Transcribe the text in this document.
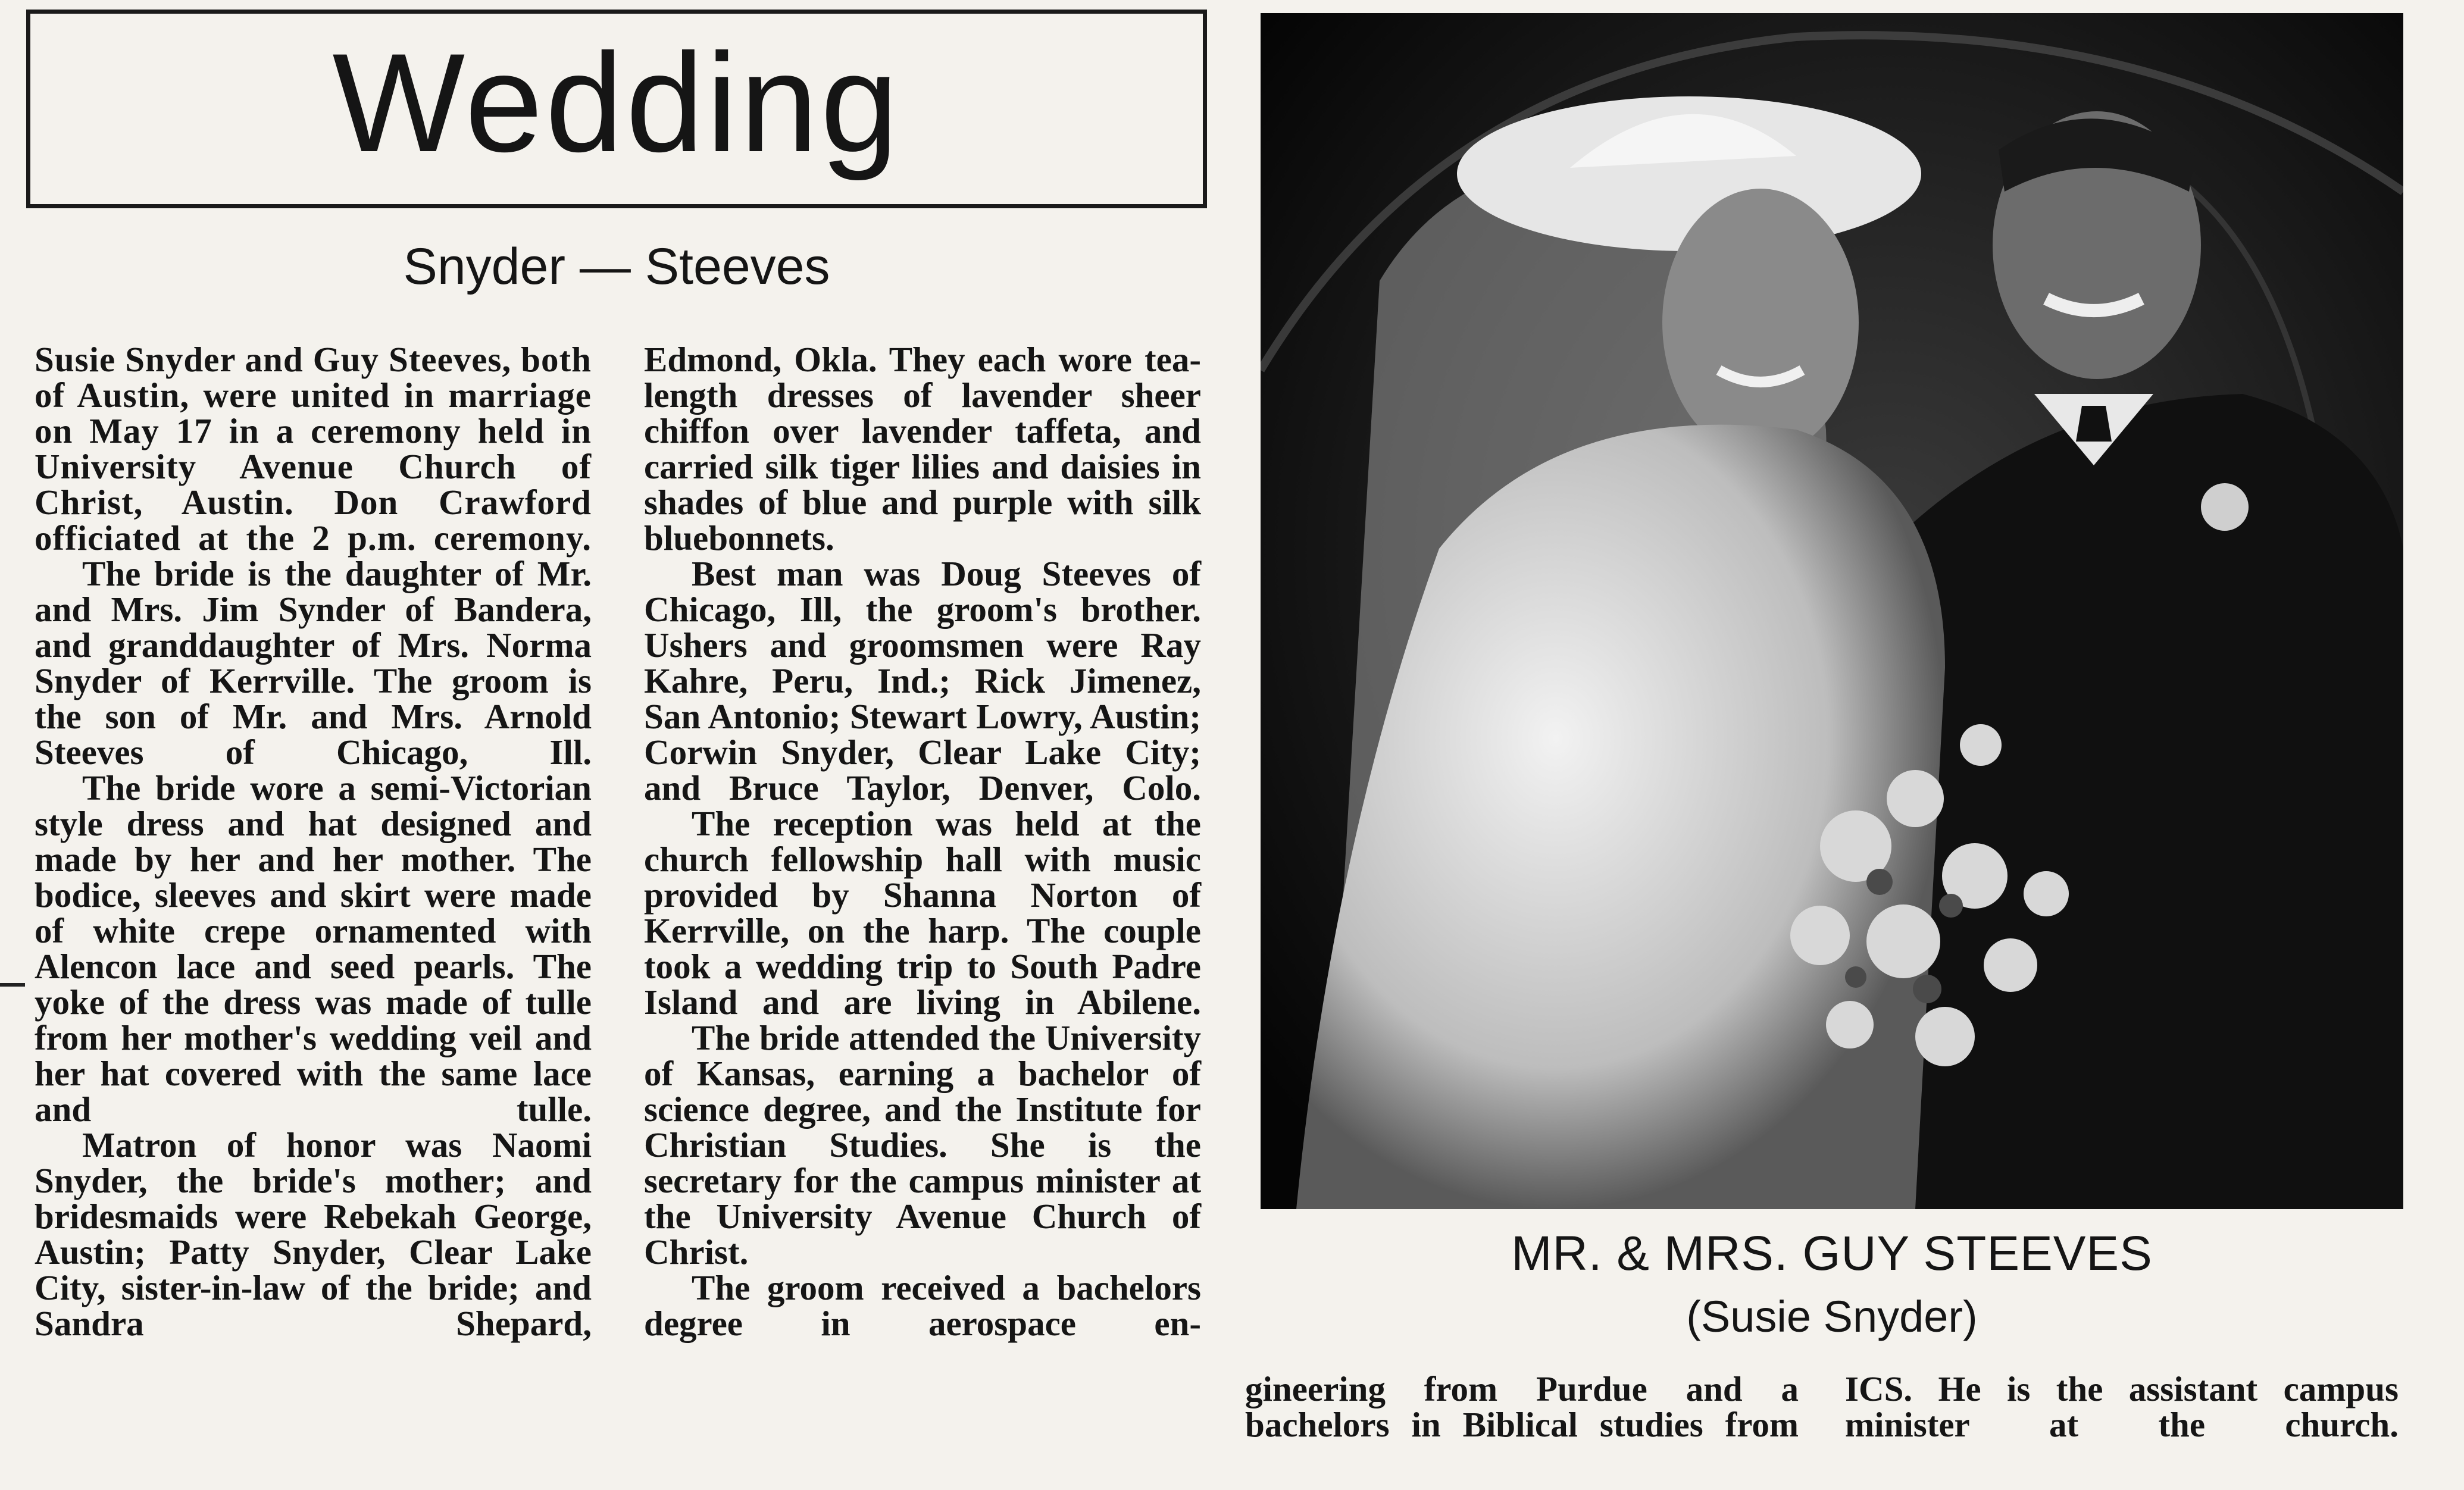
Wedding
Snyder — Steeves

Susie Snyder and Guy Steeves, both of Austin, were united in marriage on May 17 in a ceremony held in University Avenue Church of Christ, Austin. Don Crawford officiated at the 2 p.m. ceremony.

The bride is the daughter of Mr. and Mrs. Jim Synder of Bandera, and granddaughter of Mrs. Norma Snyder of Kerrville. The groom is the son of Mr. and Mrs. Arnold Steeves of Chicago, Ill.

The bride wore a semi-Victorian style dress and hat designed and made by her and her mother. The bodice, sleeves and skirt were made of white crepe ornamented with Alencon lace and seed pearls. The yoke of the dress was made of tulle from her mother's wedding veil and her hat covered with the same lace and tulle.

Matron of honor was Naomi Snyder, the bride's mother; and bridesmaids were Rebekah George, Austin; Patty Snyder, Clear Lake City, sister-in-law of the bride; and Sandra Shepard,

Edmond, Okla. They each wore tea-length dresses of lavender sheer chiffon over lavender taffeta, and carried silk tiger lilies and daisies in shades of blue and purple with silk bluebonnets.

Best man was Doug Steeves of Chicago, Ill, the groom's brother. Ushers and groomsmen were Ray Kahre, Peru, Ind.; Rick Jimenez, San Antonio; Stewart Lowry, Austin; Corwin Snyder, Clear Lake City; and Bruce Taylor, Denver, Colo.

The reception was held at the church fellowship hall with music provided by Shanna Norton of Kerrville, on the harp. The couple took a wedding trip to South Padre Island and are living in Abilene.

The bride attended the University of Kansas, earning a bachelor of science degree, and the Institute for Christian Studies. She is the secretary for the campus minister at the University Avenue Church of Christ.

The groom received a bachelors degree in aerospace en-

MR. & MRS. GUY STEEVES
(Susie Snyder)
gineering from Purdue and a bachelors in Biblical studies from
ICS. He is the assistant campus minister at the church.
